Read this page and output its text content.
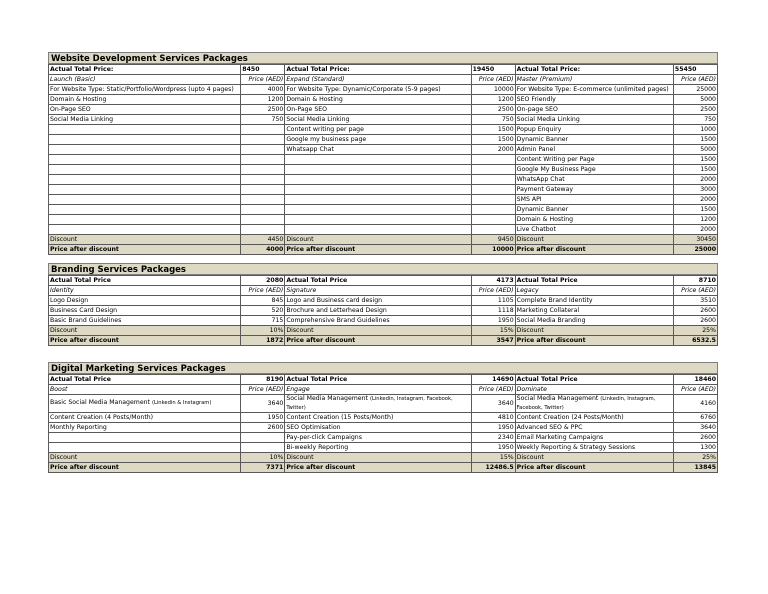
Website Development Services Packages
Actual Total Price:	8450	Actual Total Price:	19450	Actual Total Price:	55450
Launch (Basic)	Price (AED)	Expand (Standard)	Price (AED)	Master (Premium)	Price (AED)
For Website Type: Static/Portfolio/Wordpress (upto 4 pages)	4000	For Website Type: Dynamic/Corporate (5-9 pages)	10000	For Website Type: E-commerce (unlimited pages)	25000
Domain & Hosting	1200	Domain & Hosting	1200	SEO Friendly	5000
On-Page SEO	2500	On-Page SEO	2500	On-page SEO	2500
Social Media Linking	750	Social Media Linking	750	Social Media Linking	750
		Content writing per page	1500	Popup Enquiry	1000
		Google my business page	1500	Dynamic Banner	1500
		Whatsapp Chat	2000	Admin Panel	5000
				Content Writing per Page	1500
				Google My Business Page	1500
				WhatsApp Chat	2000
				Payment Gateway	3000
				SMS API	2000
				Dynamic Banner	1500
				Domain & Hosting	1200
				Live Chatbot	2000
Discount	4450	Discount	9450	Discount	30450
Price after discount	4000	Price after discount	10000	Price after discount	25000
Branding Services Packages
Actual Total Price	2080	Actual Total Price	4173	Actual Total Price	8710
Identity	Price (AED)	Signature	Price (AED)	Legacy	Price (AED)
Logo Design	845	Logo and Business card design	1105	Complete Brand Identity	3510
Business Card Design	520	Brochure and Letterhead Design	1118	Marketing Collateral	2600
Basic Brand Guidelines	715	Comprehensive Brand Guidelines	1950	Social Media Branding	2600
Discount	10%	Discount	15%	Discount	25%
Price after discount	1872	Price after discount	3547	Price after discount	6532.5
Digital Marketing Services Packages
Actual Total Price	8190	Actual Total Price	14690	Actual Total Price	18460
Boost	Price (AED)	Engage	Price (AED)	Dominate	Price (AED)
Basic Social Media Management (Linkedin & Instagram)	3640	Social Media Management (Linkedin, Instagram, Facebook, Twitter)	3640	Social Media Management (Linkedin, Instagram, Facebook, Twitter)	4160
Content Creation (4 Posts/Month)	1950	Content Creation (15 Posts/Month)	4810	Content Creation (24 Posts/Month)	6760
Monthly Reporting	2600	SEO Optimisation	1950	Advanced SEO & PPC	3640
		Pay-per-click Campaigns	2340	Email Marketing Campaigns	2600
		Bi-weekly Reporting	1950	Weekly Reporting & Strategy Sessions	1300
Discount	10%	Discount	15%	Discount	25%
Price after discount	7371	Price after discount	12486.5	Price after discount	13845
